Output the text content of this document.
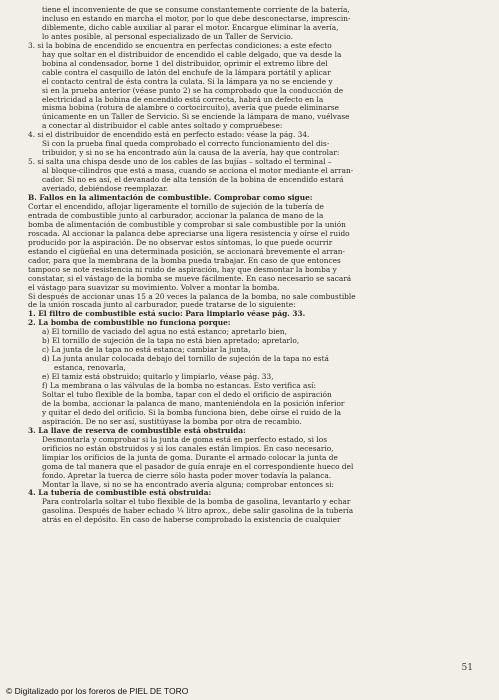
tiene el inconveniente de que se consume constantemente corriente de la batería,
incluso en estando en marcha el motor, por lo que debe desconectarse, imprescin-
diblemente, dicho cable auxiliar al parar el motor. Encargue eliminar la avería,
lo antes posible, al personal especializado de un Taller de Servicio.
3. si la bobina de encendido se encuentra en perfectas condiciones: a este efecto
hay que soltar en el distribuidor de encendido el cable delgado, que va desde la
bobina al condensador, borne 1 del distribuidor, oprimir el extremo libre del
cable contra el casquillo de latón del enchufe de la lámpara portátil y aplicar
el contacto central de ésta contra la culata. Si la lámpara ya no se enciende y
si en la prueba anterior (véase punto 2) se ha comprobado que la conducción de
electricidad a la bobina de encendido está correcta, habrá un defecto en la
misma bobina (rotura de alambre o cortocircuito), avería que puede eliminarse
únicamente en un Taller de Servicio. Si se enciende la lámpara de mano, vuélvase
a conectar al distribuidor el cable antes soltado y compruébese:
4. si el distribuidor de encendido está en perfecto estado: véase la pág. 34.
Si con la prueba final queda comprobado el correcto funcionamiento del dis-
tribuidor, y si no se ha encontrado aún la causa de la avería, hay que controlar:
5. si salta una chispa desde uno de los cables de las bujías – soltado el terminal –
al bloque-cilindros que está a masa, cuando se acciona el motor mediante el arran-
cador. Si no es así, el devanado de alta tensión de la bobina de encendido estará
averiado, debiéndose reemplazar.
B. Fallos en la alimentación de combustible. Comprobar como sigue:
Cortar el encendido, aflojar ligeramente el tornillo de sujeción de la tubería de
entrada de combustible junto al carburador, accionar la palanca de mano de la
bomba de alimentación de combustible y comprobar si sale combustible por la unión
roscada. Al accionar la palanca debe apreciarse una ligera resistencia y oírse el ruido
producido por la aspiración. De no observar estos síntomas, lo que puede ocurrir
estando el cigüeñal en una determinada posición, se accionará brevemente el arran-
cador, para que la membrana de la bomba pueda trabajar. En caso de que entonces
tampoco se note resistencia ni ruido de aspiración, hay que desmontar la bomba y
constatar, si el vástago de la bomba se mueve fácilmente. En caso necesario se sacará
el vástago para suavizar su movimiento. Volver a montar la bomba.
Si después de accionar unas 15 a 20 veces la palanca de la bomba, no sale combustible
de la unión roscada junto al carburador, puede tratarse de lo siguiente:
1. El filtro de combustible está sucio: Para limpiarlo véase pág. 33.
2. La bomba de combustible no funciona porque:
a) El tornillo de vaciado del agua no está estanco; apretarlo bien,
b) El tornillo de sujeción de la tapa no está bien apretado; apretarlo,
c) La junta de la tapa no está estanca; cambiar la junta,
d) La junta anular colocada debajo del tornillo de sujeción de la tapa no está
estanca, renovarla,
e) El tamiz está obstruido; quitarlo y limpiarlo, véase pág. 33,
f) La membrana o las válvulas de la bomba no estancas. Esto verifica así:
Soltar el tubo flexible de la bomba, tapar con el dedo el orificio de aspiración
de la bomba, accionar la palanca de mano, manteniéndola en la posición inferior
y quitar el dedo del orificio. Si la bomba funciona bien, debe oírse el ruido de la
aspiración. De no ser así, sustitúyase la bomba por otra de recambio.
3. La llave de reserva de combustible está obstruida:
Desmontarla y comprobar si la junta de goma está en perfecto estado, si los
orificios no están obstruidos y si los canales están limpios. En caso necesario,
limpiar los orificios de la junta de goma. Durante el armado colocar la junta de
goma de tal manera que el pasador de guía enraje en el correspondiente hueco del
fondo. Apretar la tuerca de cierre sólo hasta poder mover todavía la palanca.
Montar la llave, si no se ha encontrado avería alguna; comprobar entonces si:
4. La tubería de combustible está obstruida:
Para controlarla soltar el tubo flexible de la bomba de gasolina, levantarlo y echar
gasolina. Después de haber echado ¼ litro aprox., debe salir gasolina de la tubería
atrás en el depósito. En caso de haberse comprobado la existencia de cualquier
51
© Digitalizado por los foreros de PIEL DE TORO
